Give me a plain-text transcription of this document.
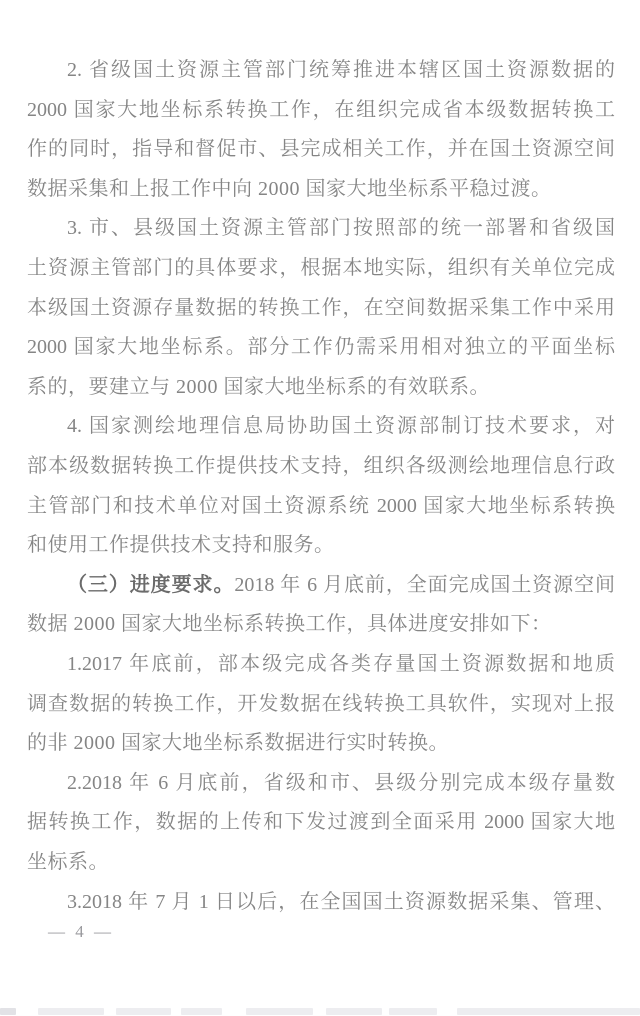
2. 省级国土资源主管部门统筹推进本辖区国土资源数据的
2000 国家大地坐标系转换工作，在组织完成省本级数据转换工
作的同时，指导和督促市、县完成相关工作，并在国土资源空间
数据采集和上报工作中向 2000 国家大地坐标系平稳过渡。
3. 市、县级国土资源主管部门按照部的统一部署和省级国
土资源主管部门的具体要求，根据本地实际，组织有关单位完成
本级国土资源存量数据的转换工作，在空间数据采集工作中采用
2000 国家大地坐标系。部分工作仍需采用相对独立的平面坐标
系的，要建立与 2000 国家大地坐标系的有效联系。
4. 国家测绘地理信息局协助国土资源部制订技术要求，对
部本级数据转换工作提供技术支持，组织各级测绘地理信息行政
主管部门和技术单位对国土资源系统 2000 国家大地坐标系转换
和使用工作提供技术支持和服务。
（三）进度要求。2018 年 6 月底前，全面完成国土资源空间
数据 2000 国家大地坐标系转换工作，具体进度安排如下：
1.2017 年底前，部本级完成各类存量国土资源数据和地质
调查数据的转换工作，开发数据在线转换工具软件，实现对上报
的非 2000 国家大地坐标系数据进行实时转换。
2.2018 年 6 月底前，省级和市、县级分别完成本级存量数
据转换工作，数据的上传和下发过渡到全面采用 2000 国家大地
坐标系。
3.2018 年 7 月 1 日以后，在全国国土资源数据采集、管理、
— 4 —
